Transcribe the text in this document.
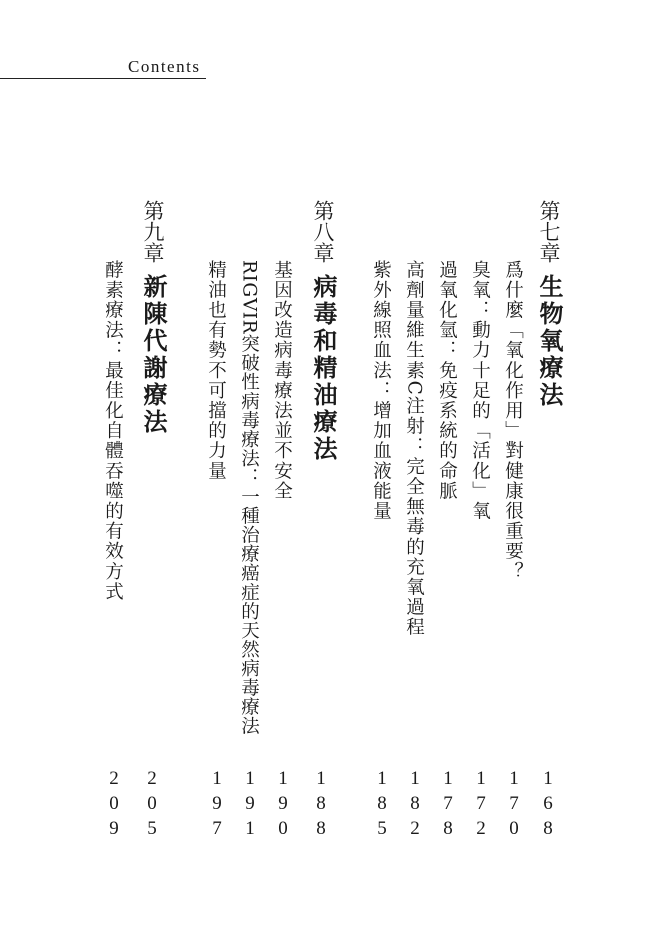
Contents
第七章 生物氧療法
爲什麼「氧化作用」對健康很重要？
臭氧：動力十足的「活化」氧
過氧化氫：免疫系統的命脈
高劑量維生素C注射：完全無毒的充氧過程
紫外線照血法：增加血液能量
第八章 病毒和精油療法
基因改造病毒療法並不安全
RIGVIR突破性病毒療法：一種治療癌症的天然病毒療法
精油也有勢不可擋的力量
第九章 新陳代謝療法
酵素療法：最佳化自體吞噬的有效方式
1
6
8
1
7
0
1
7
2
1
7
8
1
8
2
1
8
5
1
8
8
1
9
0
1
9
1
1
9
7
2
0
5
2
0
9
